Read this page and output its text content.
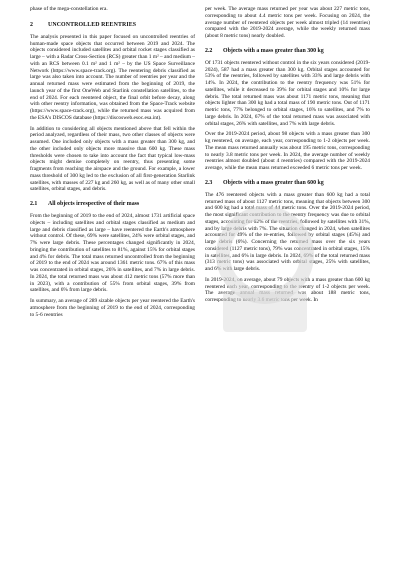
phase of the mega-constellation era.

2	UNCONTROLLED REENTRIES

The analysis presented in this paper focused on uncontrolled reentries of human-made space objects that occurred between 2019 and 2024. The objects considered included satellites and orbital rocket stages classified as large – with a Radar Cross-Section (RCS) greater than 1 m² – and medium – with an RCS between 0.1 m² and 1 m² – by the US Space Surveillance Network (https://www.space-track.org). The reentering debris classified as large was also taken into account. The number of reentries per year and the annual returned mass were estimated from the beginning of 2019, the launch year of the first OneWeb and Starlink constellation satellites, to the end of 2024. For each reentered object, the final orbit before decay, along with other reentry information, was obtained from the Space-Track website (https://www.space-track.org), while the returned mass was acquired from the ESA's DISCOS database (https://discosweb.esoc.esa.int).

In addition to considering all objects mentioned above that fell within the period analyzed, regardless of their mass, two other classes of objects were assumed. One included only objects with a mass greater than 300 kg, and the other included only objects more massive than 600 kg. These mass thresholds were chosen to take into account the fact that typical low-mass objects might demise completely on reentry, thus presenting some fragments from reaching the airspace and the ground. For example, a lower mass threshold of 300 kg led to the exclusion of all first-generation Starlink satellites, with masses of 227 kg and 260 kg, as well as of many other small satellites, orbital stages, and debris.

2.1 All objects irrespective of their mass

From the beginning of 2019 to the end of 2024, almost 1731 artificial space objects – including satellites and orbital stages classified as medium and large and debris classified as large – have reentered the Earth's atmosphere without control. Of these, 69% were satellites, 24% were orbital stages, and 7% were large debris. These percentages changed significantly in 2024, bringing the contribution of satellites to 81%, against 15% for orbital stages and 4% for debris. The total mass returned uncontrolled from the beginning of 2019 to the end of 2024 was around 1361 metric tons. 67% of this mass was concentrated in orbital stages, 26% in satellites, and 7% in large debris. In 2024, the total returned mass was about 412 metric tons (57% more than in 2023), with a contribution of 55% from orbital stages, 39% from satellites, and 6% from large debris.

In summary, an average of 289 sizable objects per year reentered the Earth's atmosphere from the beginning of 2019 to the end of 2024, corresponding to 5-6 reentries

per week. The average mass returned per year was about 227 metric tons, corresponding to about 4.4 metric tons per week. Focusing on 2024, the average number of reentered objects per week almost tripled (14 reentries) compared with the 2019-2024 average, while the weekly returned mass (about 8 metric tons) nearly doubled.

2.2 Objects with a mass greater than 300 kg

Of 1731 objects reentered without control in the six years considered (2019-2024), 587 had a mass greater than 300 kg. Orbital stages accounted for 53% of the reentries, followed by satellites with 33% and large debris with 14%. In 2024, the contribution to the reentry frequency was 51% for satellites, while it decreased to 39% for orbital stages and 10% for large debris. The total returned mass was about 1171 metric tons, meaning that objects lighter than 300 kg had a total mass of 190 metric tons. Out of 1171 metric tons, 77% belonged to orbital stages, 16% to satellites, and 7% to large debris. In 2024, 67% of the total returned mass was associated with orbital stages, 26% with satellites, and 7% with large debris.

Over the 2019-2024 period, about 98 objects with a mass greater than 300 kg reentered, on average, each year, corresponding to 1-2 objects per week. The mean mass returned annually was about 195 metric tons, corresponding to nearly 3.8 metric tons per week. In 2024, the average number of weekly reentries almost doubled (about 4 reentries) compared with the 2019-2024 average, while the mean mass returned exceeded 6 metric tons per week.

2.3 Objects with a mass greater than 600 kg

The 476 reentered objects with a mass greater than 600 kg had a total returned mass of about 1127 metric tons, meaning that objects between 300 and 600 kg had a total mass of 44 metric tons. Over the 2019-2024 period, the most significant contribution to the reentry frequency was due to orbital stages, accounting for 62% of the reentries, followed by satellites with 31%, and by large debris with 7%. The situation changed in 2024, when satellites accounted for 49% of the re-entries, followed by orbital stages (45%) and large debris (6%). Concerning the returned mass over the six years considered (1127 metric tons), 79% was concentrated in orbital stages, 15% in satellites, and 6% in large debris. In 2024, 69% of the total returned mass (313 metric tons) was associated with orbital stages, 25% with satellites, and 6% with large debris.

In 2019-2024, on average, about 79 objects with a mass greater than 600 kg reentered each year, corresponding to the reentry of 1-2 objects per week. The average annual mass returned was about 188 metric tons, corresponding to nearly 3.6 metric tons per week. In
